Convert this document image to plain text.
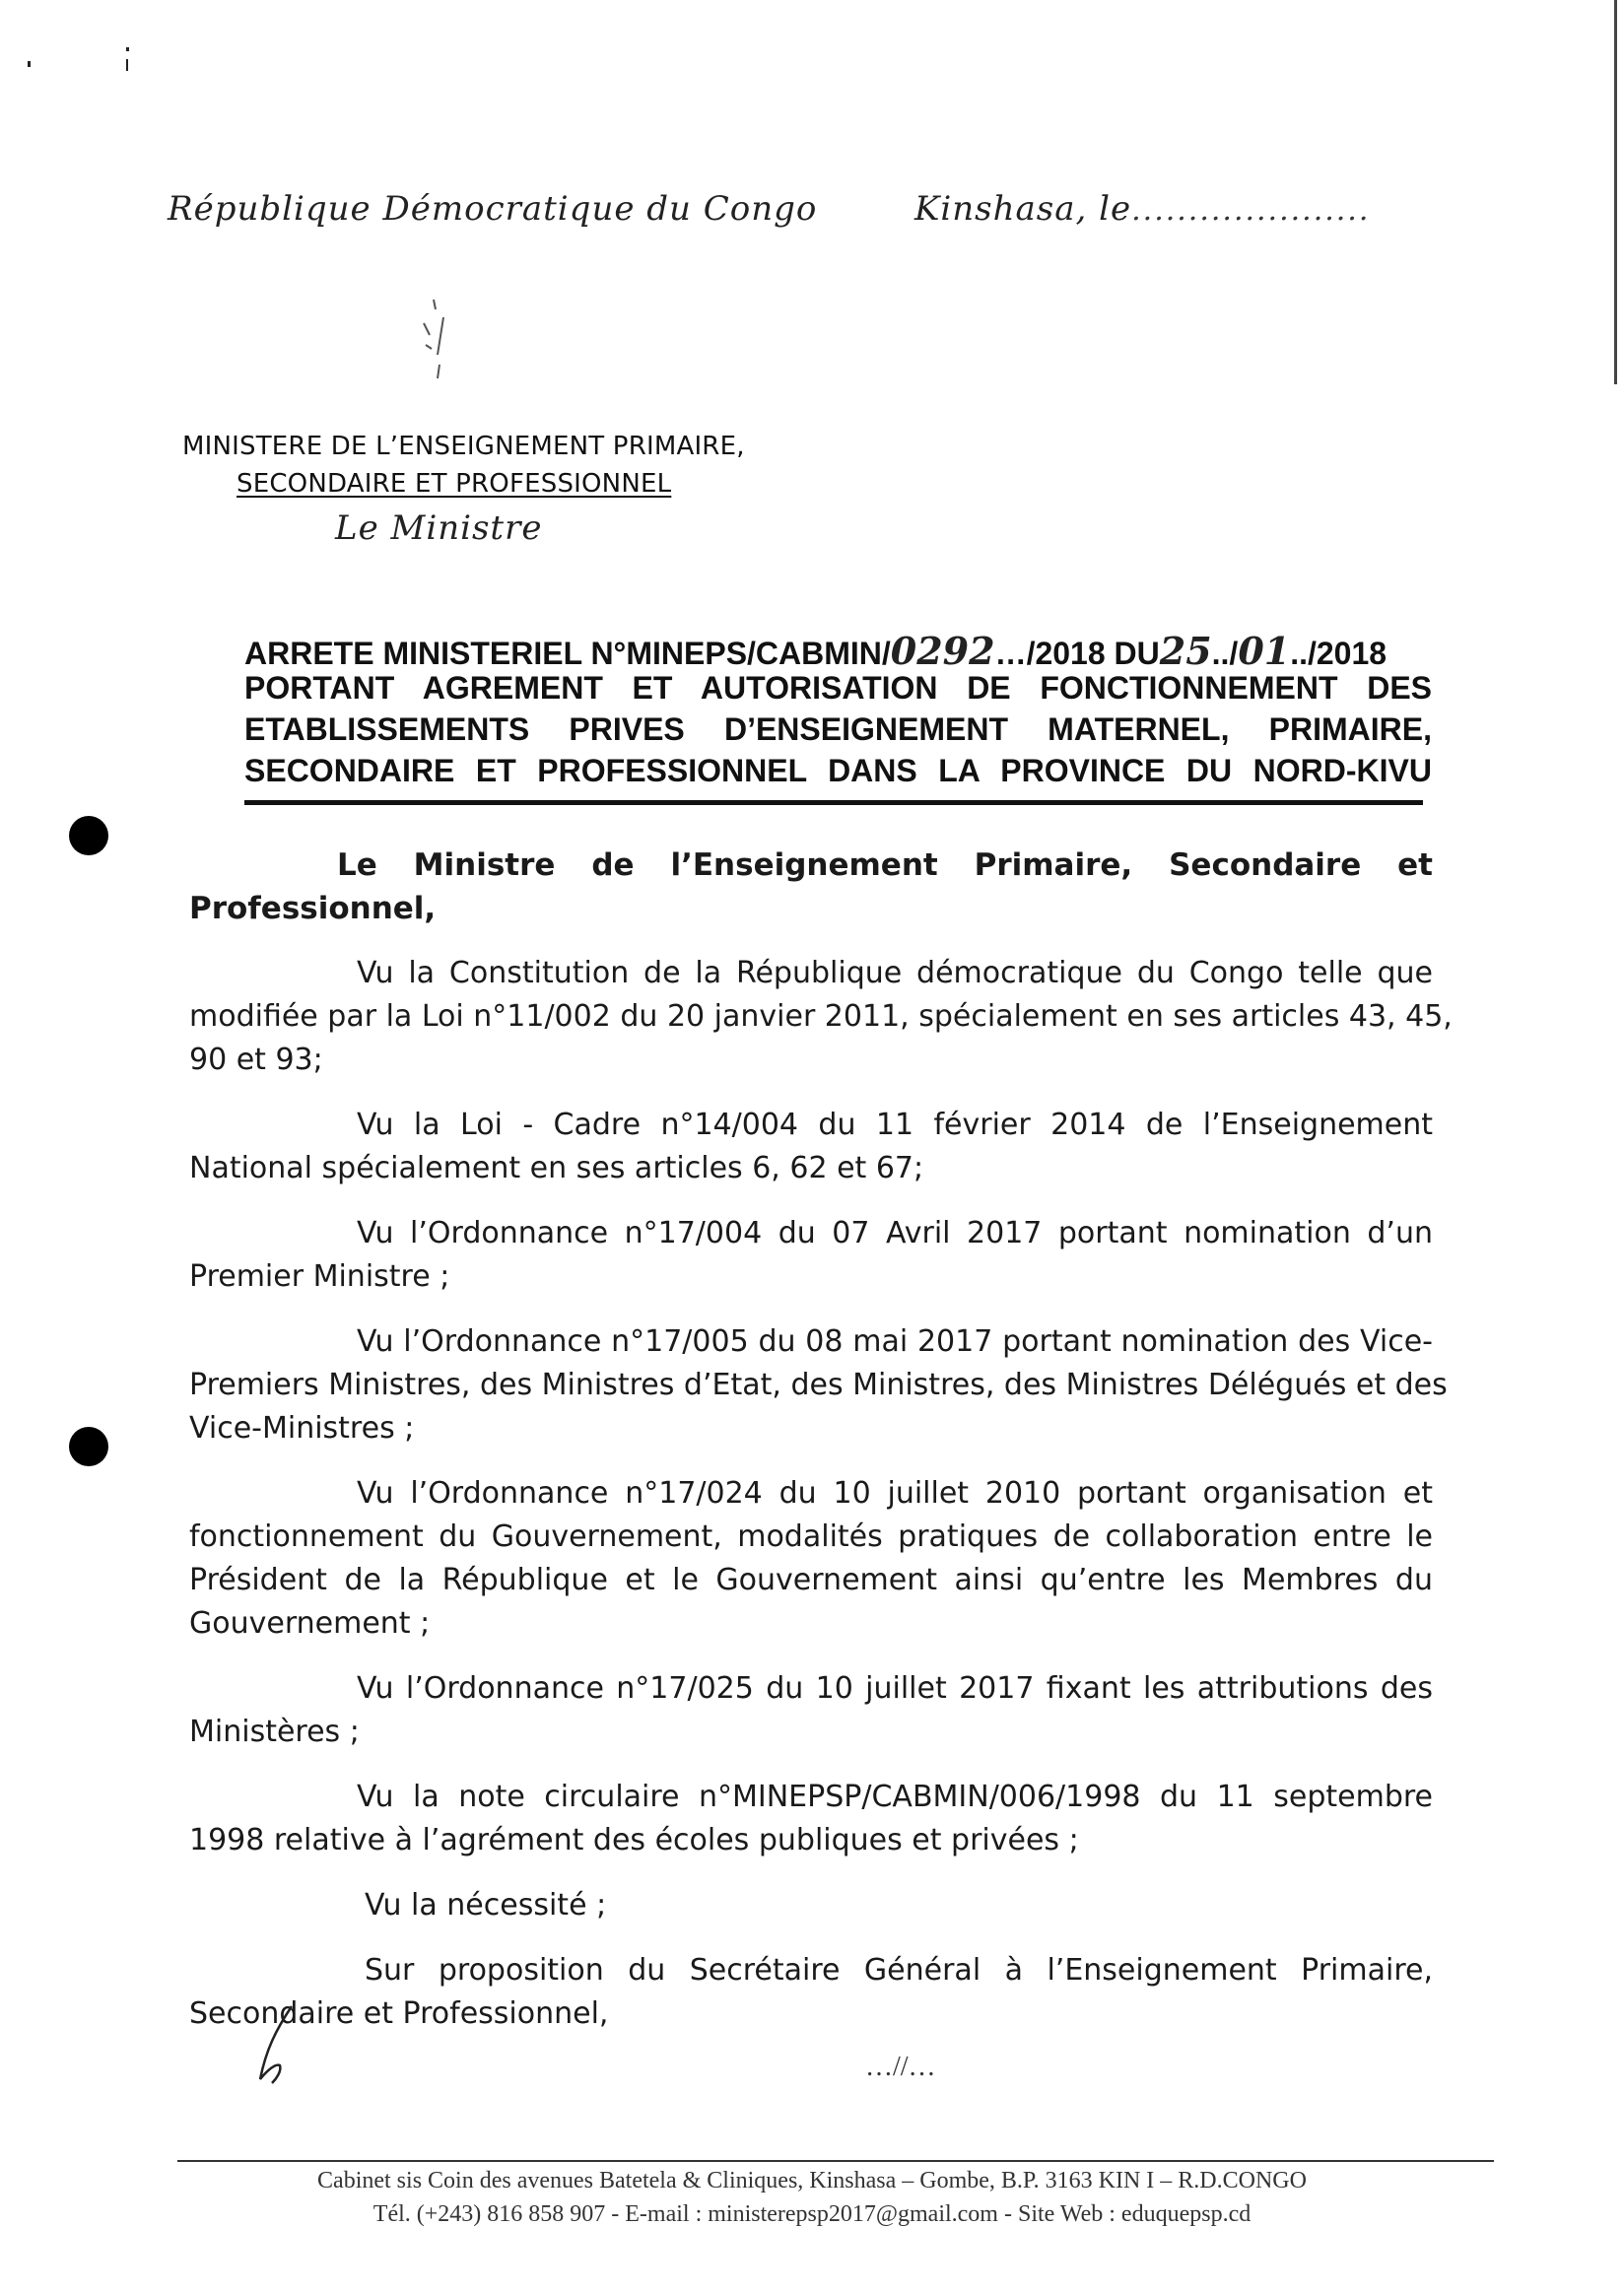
République Démocratique du Congo	Kinshasa, le.....................
MINISTERE DE L’ENSEIGNEMENT PRIMAIRE,
SECONDAIRE ET PROFESSIONNEL
Le Ministre
ARRETE MINISTERIEL N°MINEPS/CABMIN/0292…/2018 DU25../01../2018
PORTANT AGREMENT ET AUTORISATION DE FONCTIONNEMENT DES
ETABLISSEMENTS PRIVES D’ENSEIGNEMENT MATERNEL, PRIMAIRE,
SECONDAIRE ET PROFESSIONNEL DANS LA PROVINCE DU NORD-KIVU
Le Ministre de l’Enseignement Primaire, Secondaire et
Professionnel,
Vu la Constitution de la République démocratique du Congo telle que
modifiée par la Loi n°11/002 du 20 janvier 2011, spécialement en ses articles 43, 45,
90 et 93;
Vu la Loi - Cadre n°14/004 du 11 février 2014 de l’Enseignement
National spécialement en ses articles 6, 62 et 67;
Vu l’Ordonnance n°17/004 du 07 Avril 2017 portant nomination d’un
Premier Ministre ;
Vu l’Ordonnance n°17/005 du 08 mai 2017 portant nomination des Vice-
Premiers Ministres, des Ministres d’Etat, des Ministres, des Ministres Délégués et des
Vice-Ministres ;
Vu l’Ordonnance n°17/024 du 10 juillet 2010 portant organisation et
fonctionnement du Gouvernement, modalités pratiques de collaboration entre le
Président de la République et le Gouvernement ainsi qu’entre les Membres du
Gouvernement ;
Vu l’Ordonnance n°17/025 du 10 juillet 2017 fixant les attributions des
Ministères ;
Vu la note circulaire n°MINEPSP/CABMIN/006/1998 du 11 septembre
1998 relative à l’agrément des écoles publiques et privées ;
Vu la nécessité ;
Sur proposition du Secrétaire Général à l’Enseignement Primaire,
Secondaire et Professionnel,
…//…
Cabinet sis Coin des avenues Batetela & Cliniques, Kinshasa – Gombe, B.P. 3163 KIN I – R.D.CONGO
Tél. (+243) 816 858 907 - E-mail : ministerepsp2017@gmail.com - Site Web : eduquepsp.cd
